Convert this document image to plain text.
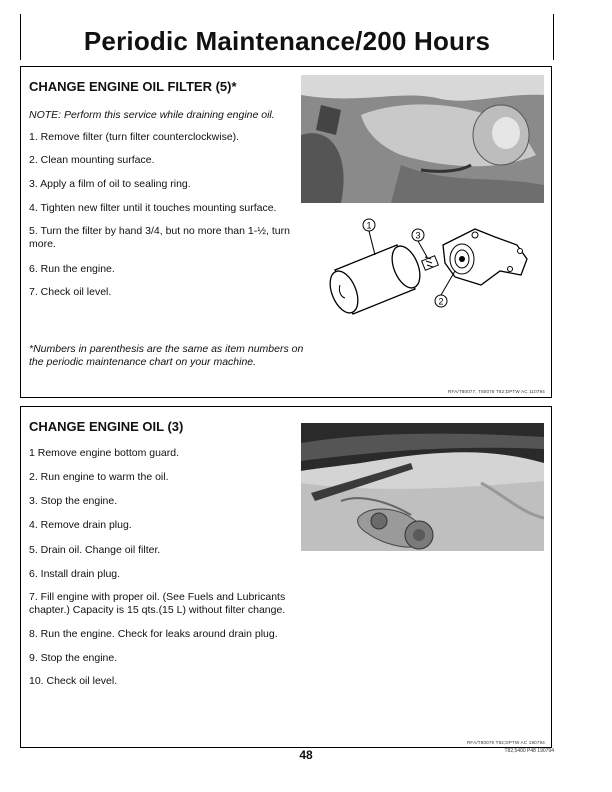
Periodic Maintenance/200 Hours
CHANGE ENGINE OIL FILTER (5)*
NOTE: Perform this service while draining engine oil.
1. Remove filter (turn filter counterclockwise).
2. Clean mounting surface.
3. Apply a film of oil to sealing ring.
4. Tighten new filter until it touches mounting surface.
5. Turn the filter by hand 3/4, but no more than 1-½, turn more.
6. Run the engine.
7. Check oil level.
*Numbers in parenthesis are the same as item numbers on the periodic maintenance chart on your machine.
1
3
2
RFA/T80077, T80078 T82;DPTW AC 110794
CHANGE ENGINE OIL (3)
1 Remove engine bottom guard.
2. Run engine to warm the oil.
3. Stop the engine.
4. Remove drain plug.
5. Drain oil. Change oil filter.
6. Install drain plug.
7. Fill engine with proper oil. (See Fuels and Lubricants chapter.) Capacity is 15 qts.(15 L) without filter change.
8. Run the engine. Check for leaks around drain plug.
9. Stop the engine.
10. Check oil level.
RFA/T80079 T82;DPTW AC 190794
48	T82,5400 P48 190794
